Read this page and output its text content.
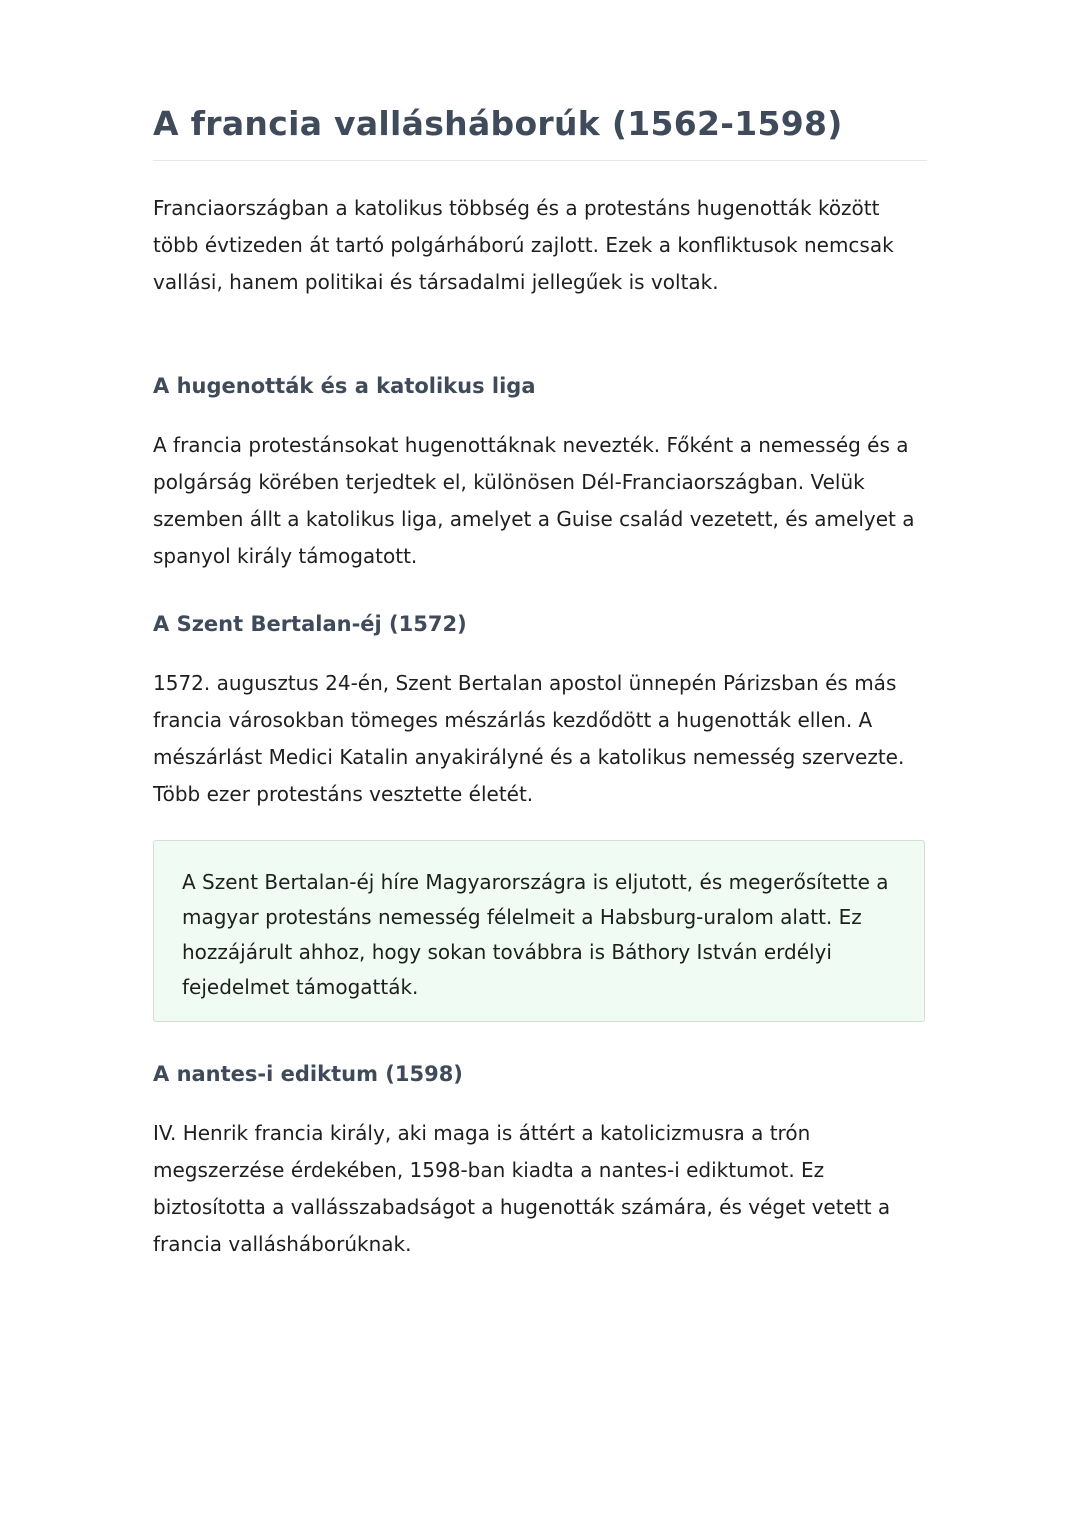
A francia vallásháborúk (1562-1598)

Franciaországban a katolikus többség és a protestáns hugenották között több évtizeden át tartó polgárháború zajlott. Ezek a konfliktusok nemcsak vallási, hanem politikai és társadalmi jellegűek is voltak.

A hugenották és a katolikus liga

A francia protestánsokat hugenottáknak nevezték. Főként a nemesség és a polgárság körében terjedtek el, különösen Dél-Franciaországban. Velük szemben állt a katolikus liga, amelyet a Guise család vezetett, és amelyet a spanyol király támogatott.

A Szent Bertalan-éj (1572)

1572. augusztus 24-én, Szent Bertalan apostol ünnepén Párizsban és más francia városokban tömeges mészárlás kezdődött a hugenották ellen. A mészárlást Medici Katalin anyakirályné és a katolikus nemesség szervezte. Több ezer protestáns vesztette életét.

A Szent Bertalan-éj híre Magyarországra is eljutott, és megerősítette a magyar protestáns nemesség félelmeit a Habsburg-uralom alatt. Ez hozzájárult ahhoz, hogy sokan továbbra is Báthory István erdélyi fejedelmet támogatták.

A nantes-i ediktum (1598)

IV. Henrik francia király, aki maga is áttért a katolicizmusra a trón megszerzése érdekében, 1598-ban kiadta a nantes-i ediktumot. Ez biztosította a vallásszabadságot a hugenották számára, és véget vetett a francia vallásháborúknak.
